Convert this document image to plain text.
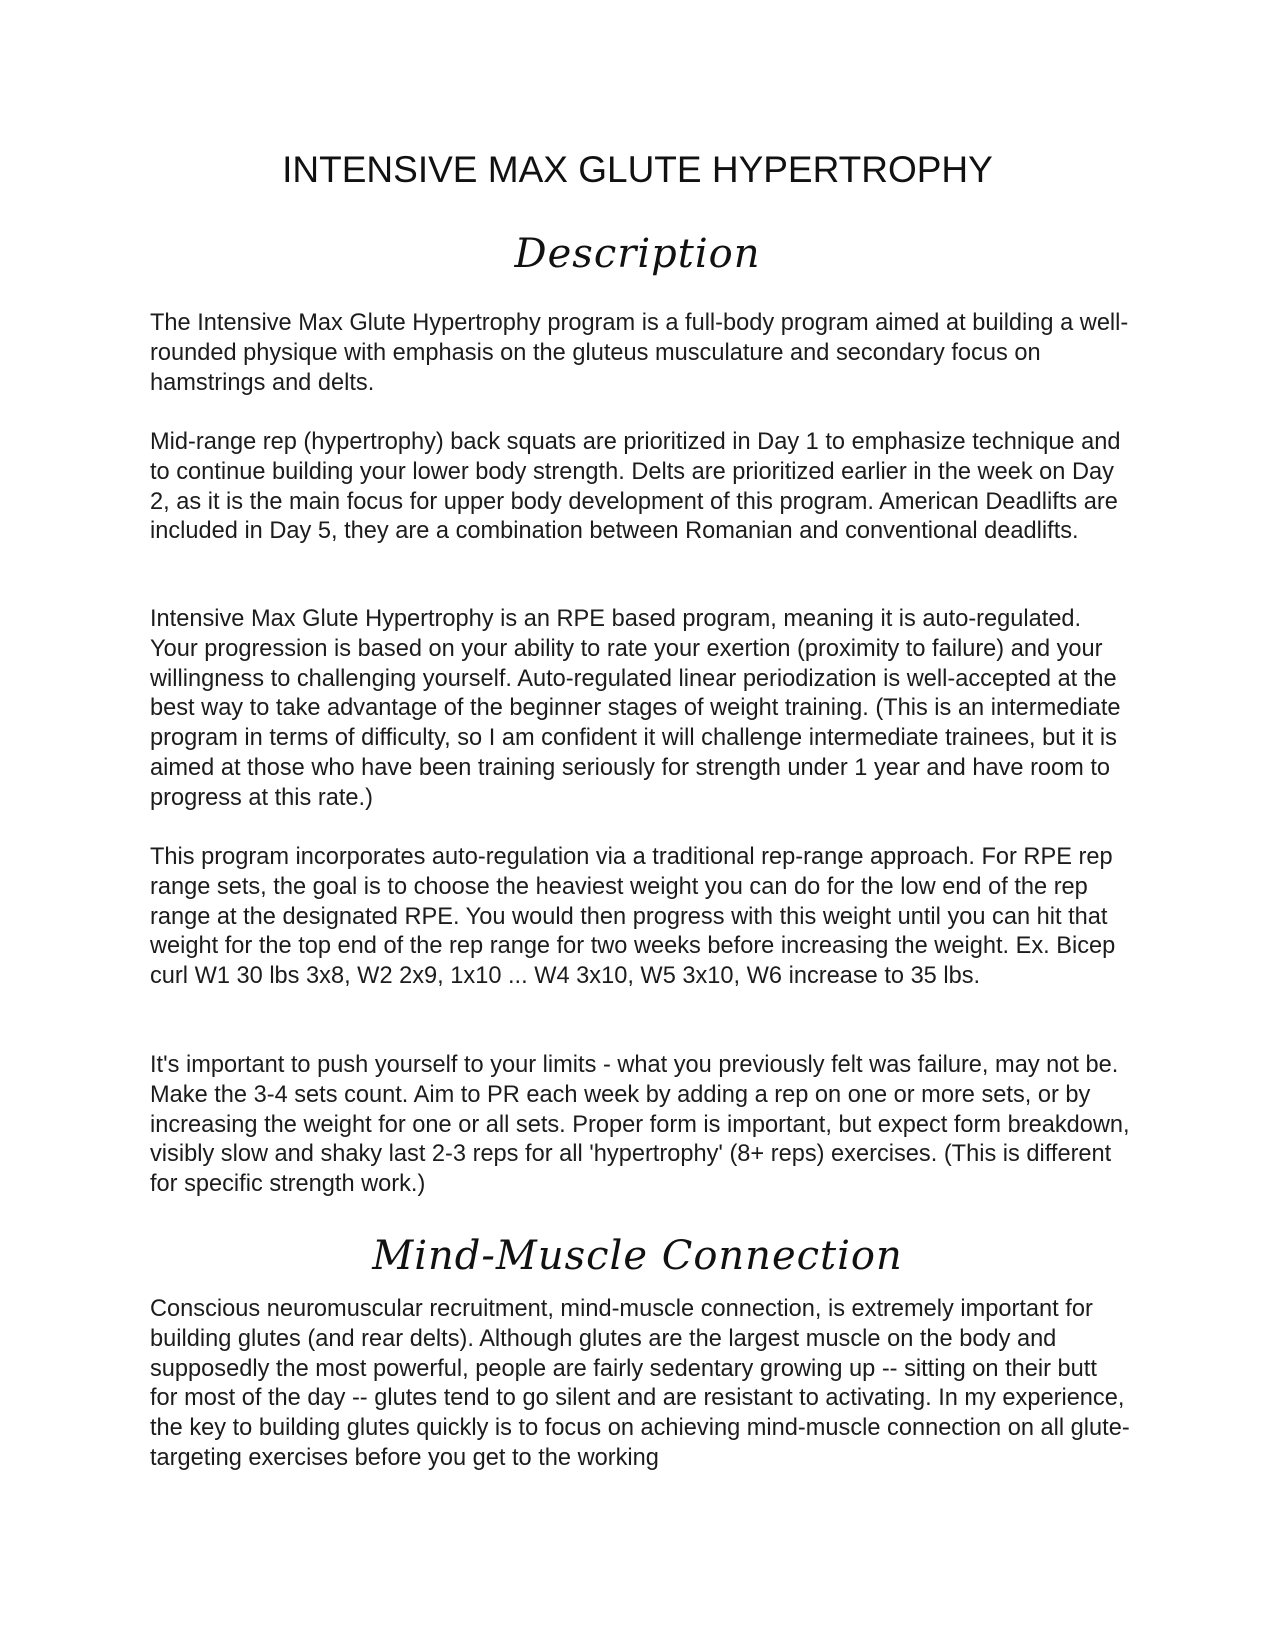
INTENSIVE MAX GLUTE HYPERTROPHY
Description

The Intensive Max Glute Hypertrophy program is a full-body program aimed at building a well-rounded physique with emphasis on the gluteus musculature and secondary focus on hamstrings and delts.

Mid-range rep (hypertrophy) back squats are prioritized in Day 1 to emphasize technique and to continue building your lower body strength. Delts are prioritized earlier in the week on Day 2, as it is the main focus for upper body development of this program. American Deadlifts are included in Day 5, they are a combination between Romanian and conventional deadlifts.

Intensive Max Glute Hypertrophy is an RPE based program, meaning it is auto-regulated. Your progression is based on your ability to rate your exertion (proximity to failure) and your willingness to challenging yourself. Auto-regulated linear periodization is well-accepted at the best way to take advantage of the beginner stages of weight training. (This is an intermediate program in terms of difficulty, so I am confident it will challenge intermediate trainees, but it is aimed at those who have been training seriously for strength under 1 year and have room to progress at this rate.)

This program incorporates auto-regulation via a traditional rep-range approach. For RPE rep range sets, the goal is to choose the heaviest weight you can do for the low end of the rep range at the designated RPE. You would then progress with this weight until you can hit that weight for the top end of the rep range for two weeks before increasing the weight. Ex. Bicep curl W1 30 lbs 3x8, W2 2x9, 1x10 ... W4 3x10, W5 3x10, W6 increase to 35 lbs.

It's important to push yourself to your limits - what you previously felt was failure, may not be. Make the 3-4 sets count. Aim to PR each week by adding a rep on one or more sets, or by increasing the weight for one or all sets. Proper form is important, but expect form breakdown, visibly slow and shaky last 2-3 reps for all 'hypertrophy' (8+ reps) exercises. (This is different for specific strength work.)

Mind-Muscle Connection

Conscious neuromuscular recruitment, mind-muscle connection, is extremely important for building glutes (and rear delts). Although glutes are the largest muscle on the body and supposedly the most powerful, people are fairly sedentary growing up -- sitting on their butt for most of the day -- glutes tend to go silent and are resistant to activating. In my experience, the key to building glutes quickly is to focus on achieving mind-muscle connection on all glute-targeting exercises before you get to the working
